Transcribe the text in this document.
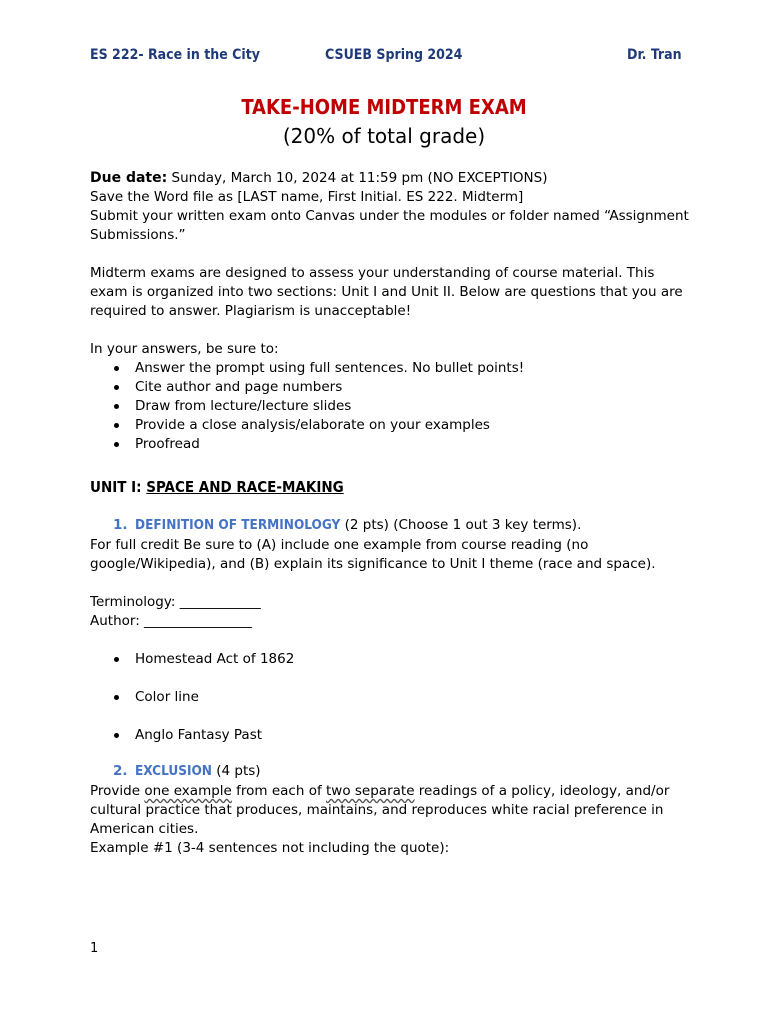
ES 222- Race in the City	CSUEB Spring 2024	Dr. Tran
TAKE-HOME MIDTERM EXAM
(20% of total grade)
Due date: Sunday, March 10, 2024 at 11:59 pm (NO EXCEPTIONS)
Save the Word file as [LAST name, First Initial. ES 222. Midterm]
Submit your written exam onto Canvas under the modules or folder named “Assignment Submissions.”
Midterm exams are designed to assess your understanding of course material. This exam is organized into two sections: Unit I and Unit II. Below are questions that you are required to answer. Plagiarism is unacceptable!
In your answers, be sure to:
Answer the prompt using full sentences. No bullet points!
Cite author and page numbers
Draw from lecture/lecture slides
Provide a close analysis/elaborate on your examples
Proofread
UNIT I: SPACE AND RACE-MAKING
1. DEFINITION OF TERMINOLOGY (2 pts) (Choose 1 out 3 key terms).
For full credit Be sure to (A) include one example from course reading (no google/Wikipedia), and (B) explain its significance to Unit I theme (race and space).
Terminology: ____________
Author: ________________
Homestead Act of 1862
Color line
Anglo Fantasy Past
2. EXCLUSION (4 pts)
Provide one example from each of two separate readings of a policy, ideology, and/or cultural practice that produces, maintains, and reproduces white racial preference in American cities.
Example #1 (3-4 sentences not including the quote):
1
